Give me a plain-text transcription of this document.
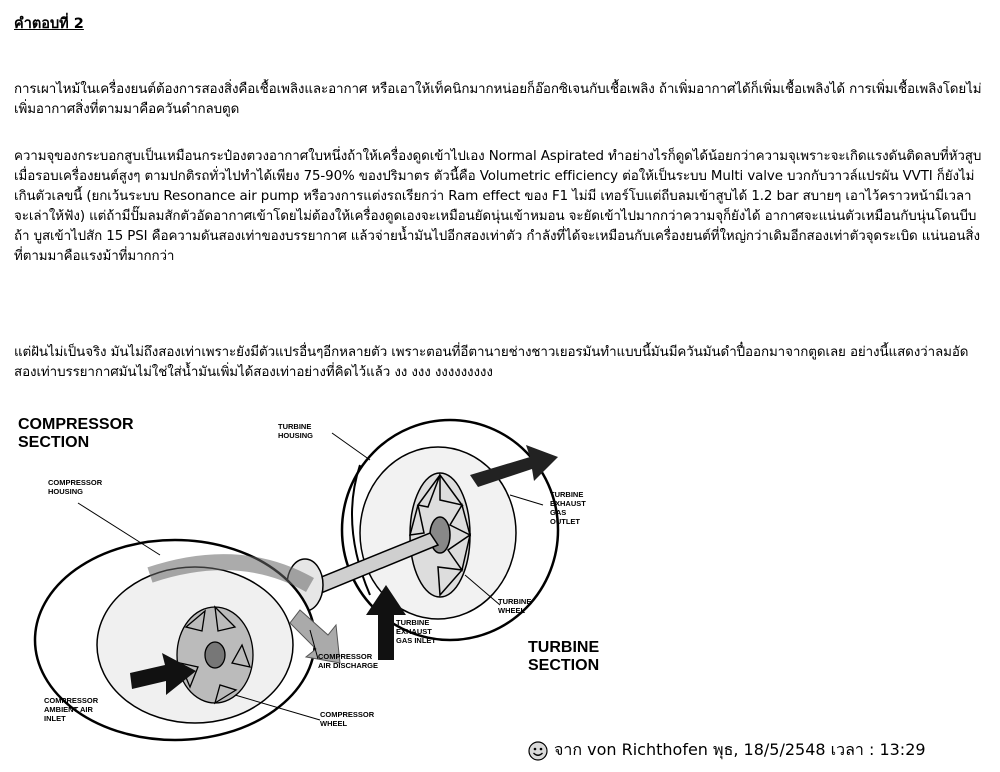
คำตอบที่ 2

การเผาไหม้ในเครื่องยนต์ต้องการสองสิ่งคือเชื้อเพลิงและอากาศ หรือเอาให้เท็คนิกมากหน่อยก็อ๊อกซิเจนกับเชื้อเพลิง ถ้าเพิ่มอากาศได้ก็เพิ่มเชื้อเพลิงได้ การเพิ่มเชื้อเพลิงโดยไม่เพิ่มอากาศสิ่งที่ตามมาคือควันดำกลบตูด

ความจุของกระบอกสูบเป็นเหมือนกระป๋องตวงอากาศใบหนึ่งถ้าให้เครื่องดูดเข้าไปเอง Normal Aspirated ทำอย่างไรก็ดูดได้น้อยกว่าความจุเพราะจะเกิดแรงดันติดลบที่หัวสูบเมื่อรอบเครื่องยนต์สูงๆ ตามปกติรถทั่วไปทำได้เพียง 75-90% ของปริมาตร ตัวนี้คือ Volumetric efficiency ต่อให้เป็นระบบ Multi valve บวกกับวาวล์แปรผัน VVTI ก็ยังไม่เกินตัวเลขนี้ (ยกเว้นระบบ Resonance air pump หรือวงการแต่งรถเรียกว่า Ram effect ของ F1 ไม่มี เทอร์โบแต่ถีบลมเข้าสูบได้ 1.2 bar สบายๆ เอาไว้คราวหน้ามีเวลาจะเล่าให้ฟัง) แต่ถ้ามีปั๊มลมสักตัวอัดอากาศเข้าโดยไม่ต้องให้เครื่องดูดเองจะเหมือนยัดนุ่นเข้าหมอน จะยัดเข้าไปมากกว่าความจุก็ยังได้ อากาศจะแน่นตัวเหมือนกับนุ่นโดนบีบ ถ้า บูสเข้าไปสัก 15 PSI คือความดันสองเท่าของบรรยากาศ แล้วจ่ายน้ำมันไปอีกสองเท่าตัว กำลังที่ได้จะเหมือนกับเครื่องยนต์ที่ใหญ่กว่าเดิมอีกสองเท่าตัวจุดระเบิด แน่นอนสิ่งที่ตามมาคือแรงม้าที่มากกว่า

แต่ฝันไม่เป็นจริง มันไม่ถึงสองเท่าเพราะยังมีตัวแปรอื่นๆอีกหลายตัว เพราะตอนที่อีตานายช่างชาวเยอรมันทำแบบนี้มันมีควันมันดำปื๋ออกมาจากตูดเลย อย่างนี้แสดงว่าลมอัดสองเท่าบรรยากาศมันไม่ใช่ใส่น้ำมันเพิ่มได้สองเท่าอย่างที่คิดไว้แล้ว งง งงง งงงงงงงงง

COMPRESSOR
SECTION
TURBINE
SECTION
TURBINE
HOUSING
COMPRESSOR
HOUSING	TURBINE
EXHAUST
GAS
OUTLET
TURBINE
WHEEL
TURBINE
EXHAUST
GAS INLET
COMPRESSOR
AIR DISCHARGE
COMPRESSOR
AMBIENT AIR
INLET	COMPRESSOR
WHEEL
จาก von Richthofen พุธ, 18/5/2548 เวลา : 13:29
